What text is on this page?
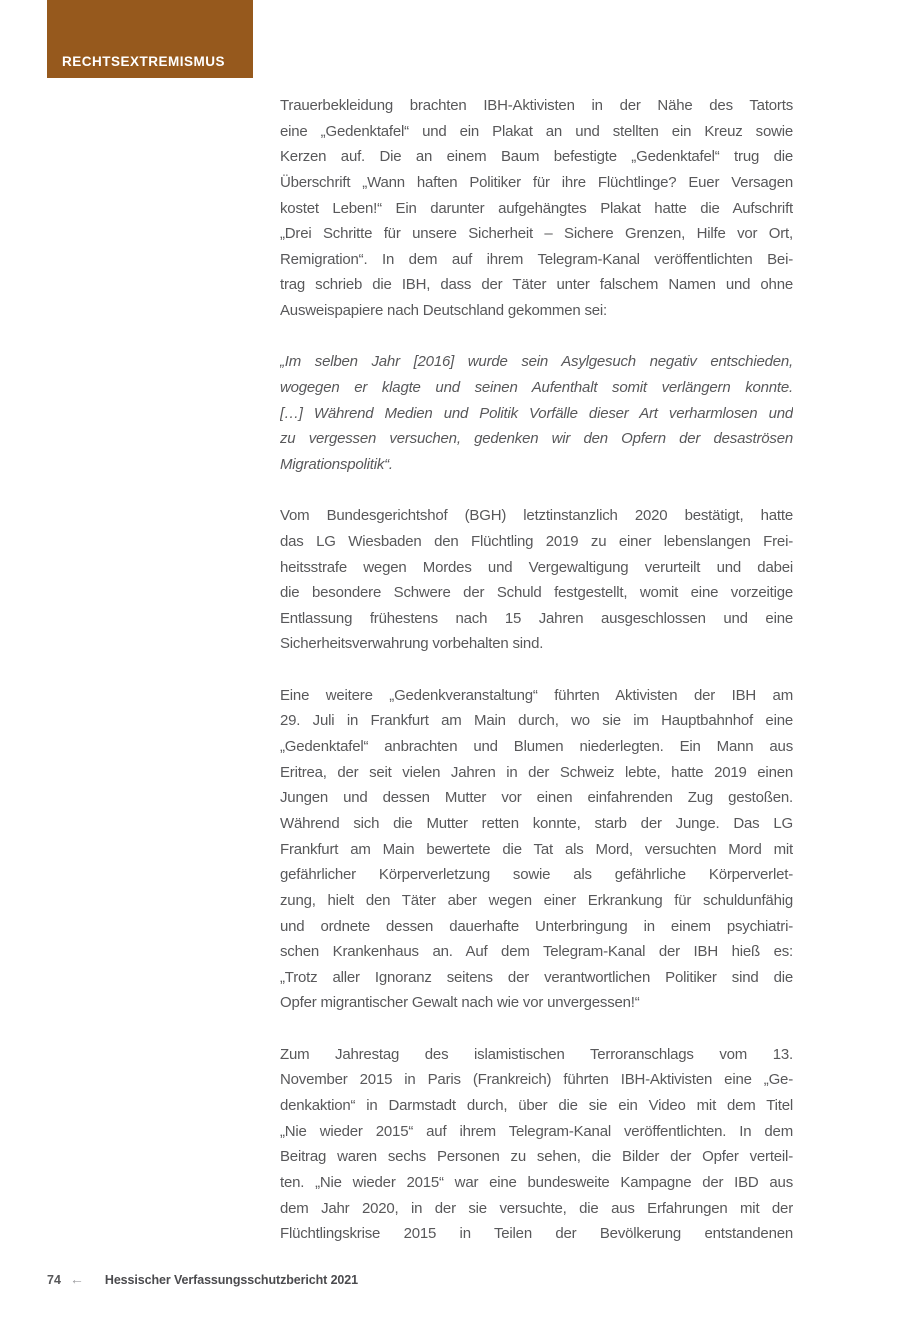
RECHTSEXTREMISMUS

Trauerbekleidung brachten IBH-Aktivisten in der Nähe des Tatorts
eine „Gedenktafel“ und ein Plakat an und stellten ein Kreuz sowie
Kerzen auf. Die an einem Baum befestigte „Gedenktafel“ trug die
Überschrift „Wann haften Politiker für ihre Flüchtlinge? Euer Versagen
kostet Leben!“ Ein darunter aufgehängtes Plakat hatte die Aufschrift
„Drei Schritte für unsere Sicherheit – Sichere Grenzen, Hilfe vor Ort,
Remigration“. In dem auf ihrem Telegram-Kanal veröffentlichten Bei-
trag schrieb die IBH, dass der Täter unter falschem Namen und ohne
Ausweispapiere nach Deutschland gekommen sei:

„Im selben Jahr [2016] wurde sein Asylgesuch negativ entschieden,
wogegen er klagte und seinen Aufenthalt somit verlängern konnte.
[…] Während Medien und Politik Vorfälle dieser Art verharmlosen und
zu vergessen versuchen, gedenken wir den Opfern der desaströsen
Migrationspolitik“.

Vom Bundesgerichtshof (BGH) letztinstanzlich 2020 bestätigt, hatte
das LG Wiesbaden den Flüchtling 2019 zu einer lebenslangen Frei-
heitsstrafe wegen Mordes und Vergewaltigung verurteilt und dabei
die besondere Schwere der Schuld festgestellt, womit eine vorzeitige
Entlassung frühestens nach 15 Jahren ausgeschlossen und eine
Sicherheitsverwahrung vorbehalten sind.

Eine weitere „Gedenkveranstaltung“ führten Aktivisten der IBH am
29. Juli in Frankfurt am Main durch, wo sie im Hauptbahnhof eine
„Gedenktafel“ anbrachten und Blumen niederlegten. Ein Mann aus
Eritrea, der seit vielen Jahren in der Schweiz lebte, hatte 2019 einen
Jungen und dessen Mutter vor einen einfahrenden Zug gestoßen.
Während sich die Mutter retten konnte, starb der Junge. Das LG
Frankfurt am Main bewertete die Tat als Mord, versuchten Mord mit
gefährlicher Körperverletzung sowie als gefährliche Körperverlet-
zung, hielt den Täter aber wegen einer Erkrankung für schuldunfähig
und ordnete dessen dauerhafte Unterbringung in einem psychiatri-
schen Krankenhaus an. Auf dem Telegram-Kanal der IBH hieß es:
„Trotz aller Ignoranz seitens der verantwortlichen Politiker sind die
Opfer migrantischer Gewalt nach wie vor unvergessen!“

Zum Jahrestag des islamistischen Terroranschlags vom 13.
November 2015 in Paris (Frankreich) führten IBH-Aktivisten eine „Ge-
denkaktion“ in Darmstadt durch, über die sie ein Video mit dem Titel
„Nie wieder 2015“ auf ihrem Telegram-Kanal veröffentlichten. In dem
Beitrag waren sechs Personen zu sehen, die Bilder der Opfer verteil-
ten. „Nie wieder 2015“ war eine bundesweite Kampagne der IBD aus
dem Jahr 2020, in der sie versuchte, die aus Erfahrungen mit der
Flüchtlingskrise 2015 in Teilen der Bevölkerung entstandenen

74 ← Hessischer Verfassungsschutzbericht 2021
